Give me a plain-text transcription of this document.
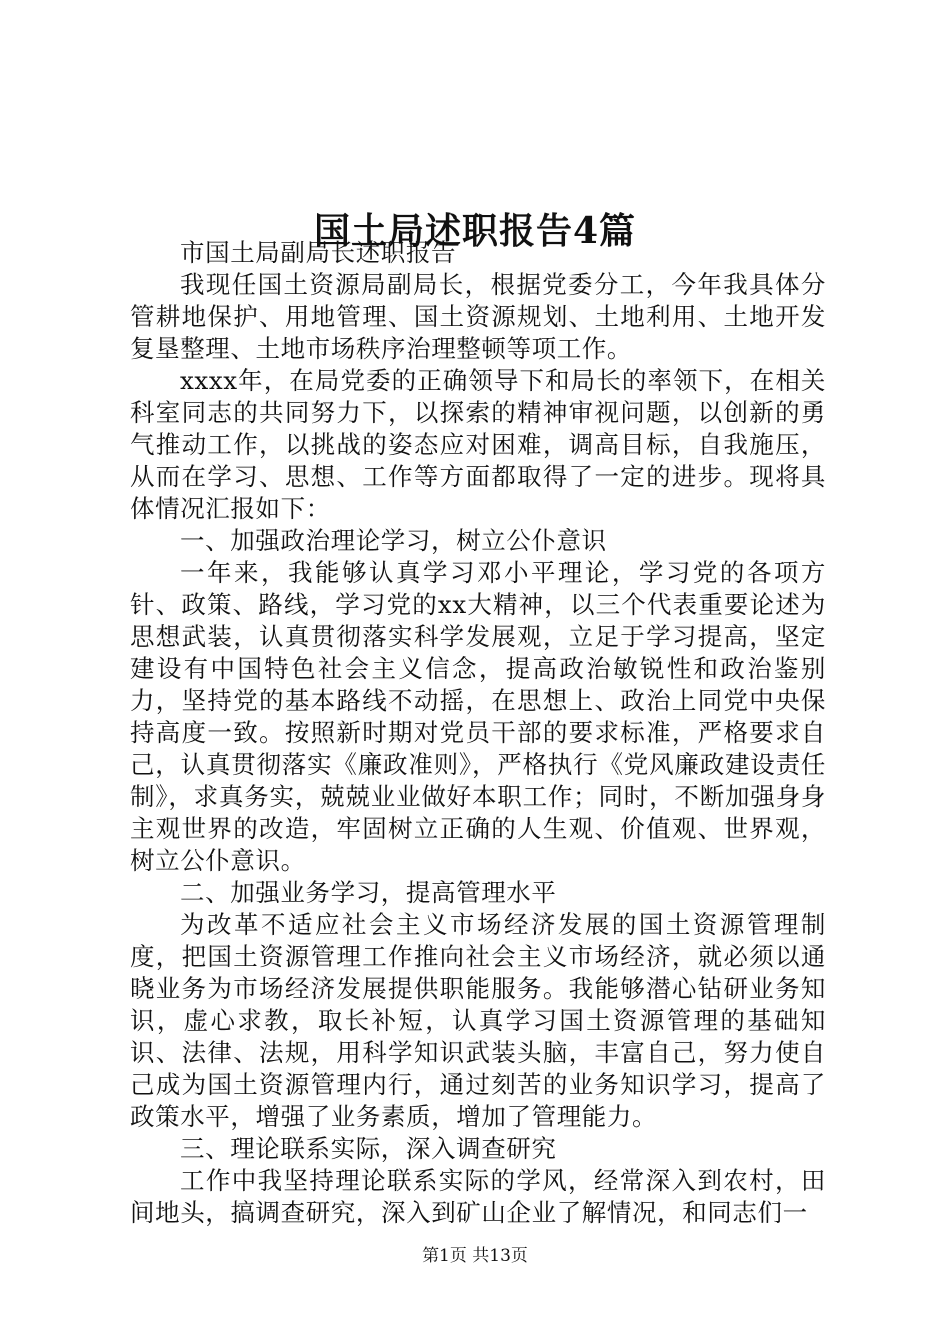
国土局述职报告4篇

市国土局副局长述职报告

我现任国土资源局副局长，根据党委分工，今年我具体分管耕地保护、用地管理、国土资源规划、土地利用、土地开发复垦整理、土地市场秩序治理整顿等项工作。

xxxx年，在局党委的正确领导下和局长的率领下，在相关科室同志的共同努力下，以探索的精神审视问题，以创新的勇气推动工作，以挑战的姿态应对困难，调高目标，自我施压，从而在学习、思想、工作等方面都取得了一定的进步。现将具体情况汇报如下：

一、加强政治理论学习，树立公仆意识

一年来，我能够认真学习邓小平理论，学习党的各项方针、政策、路线，学习党的xx大精神，以三个代表重要论述为思想武装，认真贯彻落实科学发展观，立足于学习提高，坚定建设有中国特色社会主义信念，提高政治敏锐性和政治鉴别力，坚持党的基本路线不动摇，在思想上、政治上同党中央保持高度一致。按照新时期对党员干部的要求标准，严格要求自己，认真贯彻落实《廉政准则》，严格执行《党风廉政建设责任制》，求真务实，兢兢业业做好本职工作；同时，不断加强身身主观世界的改造，牢固树立正确的人生观、价值观、世界观，树立公仆意识。

二、加强业务学习，提高管理水平

为改革不适应社会主义市场经济发展的国土资源管理制度，把国土资源管理工作推向社会主义市场经济，就必须以通晓业务为市场经济发展提供职能服务。我能够潜心钻研业务知识，虚心求教，取长补短，认真学习国土资源管理的基础知识、法律、法规，用科学知识武装头脑，丰富自己，努力使自己成为国土资源管理内行，通过刻苦的业务知识学习，提高了政策水平，增强了业务素质，增加了管理能力。

三、理论联系实际，深入调查研究

工作中我坚持理论联系实际的学风，经常深入到农村，田间地头，搞调查研究，深入到矿山企业了解情况，和同志们一

第1页 共13页
